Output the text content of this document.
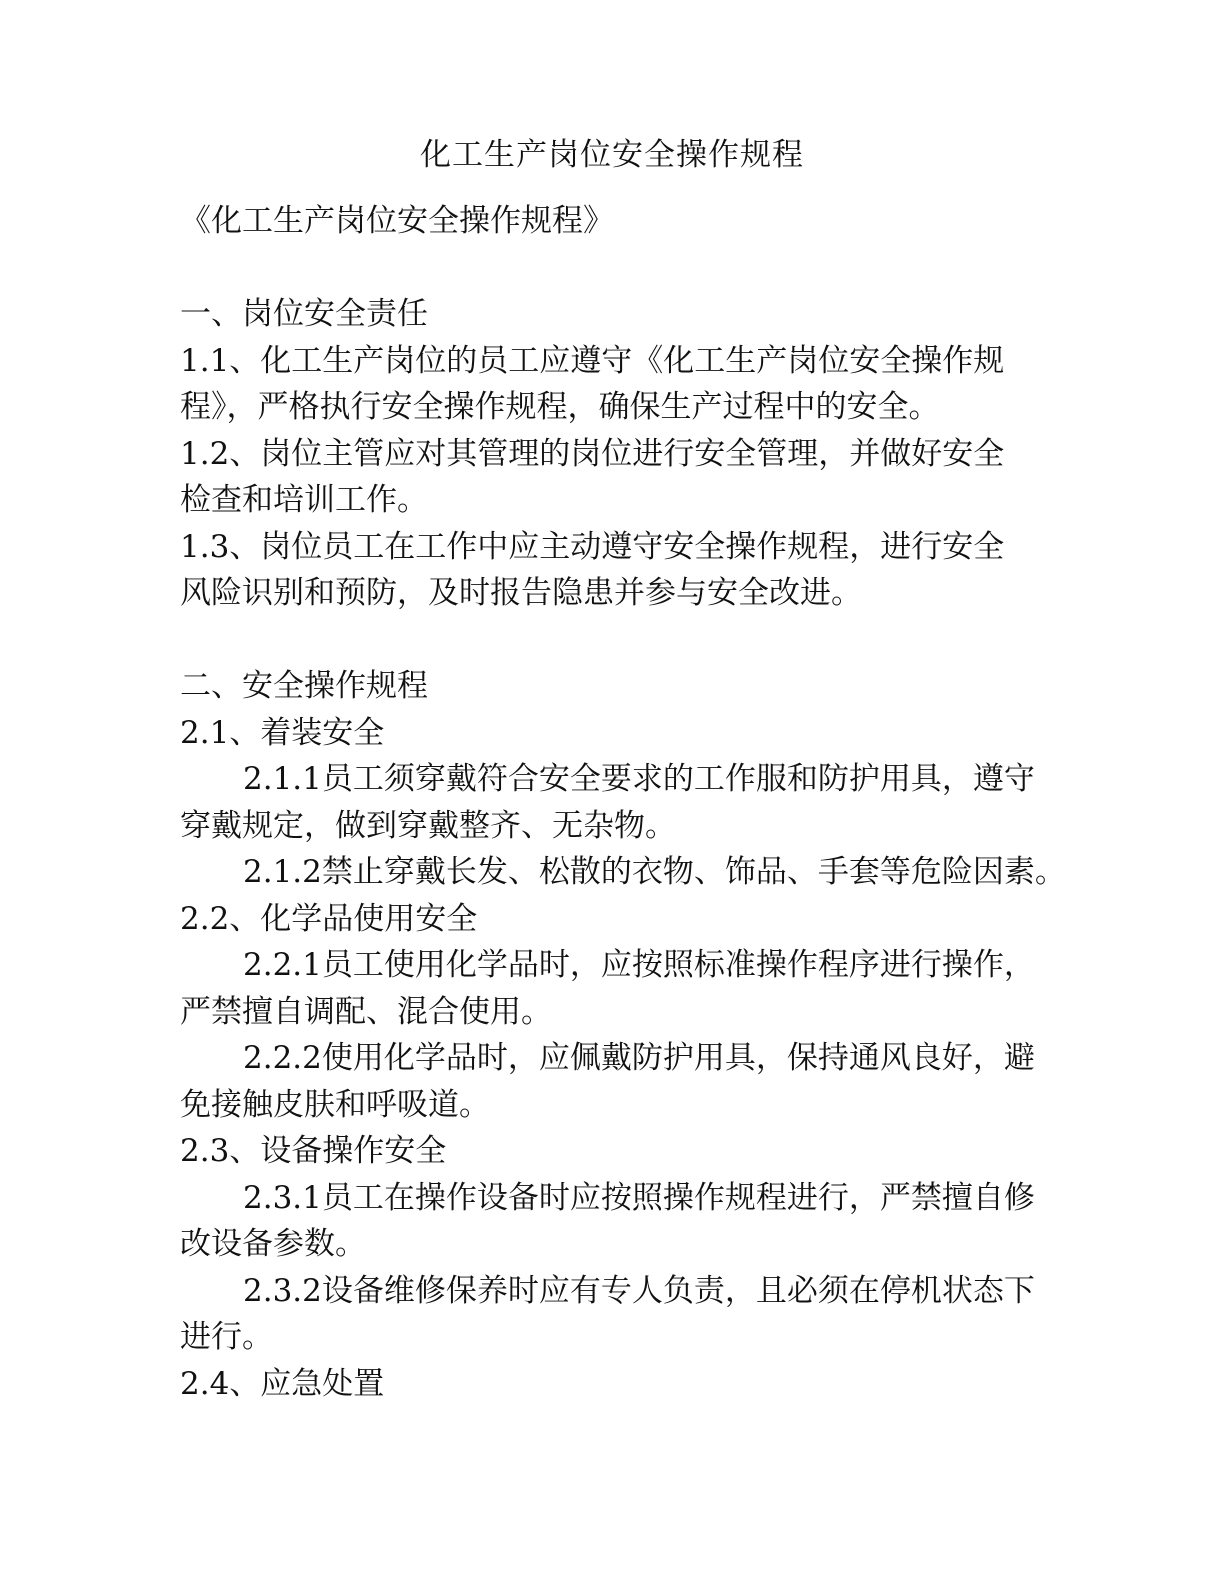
化工生产岗位安全操作规程
《化工生产岗位安全操作规程》
一、岗位安全责任
1.1、化工生产岗位的员工应遵守《化工生产岗位安全操作规
程》，严格执行安全操作规程，确保生产过程中的安全。
1.2、岗位主管应对其管理的岗位进行安全管理，并做好安全
检查和培训工作。
1.3、岗位员工在工作中应主动遵守安全操作规程，进行安全
风险识别和预防，及时报告隐患并参与安全改进。
二、安全操作规程
2.1、着装安全
2.1.1员工须穿戴符合安全要求的工作服和防护用具，遵守
穿戴规定，做到穿戴整齐、无杂物。
2.1.2禁止穿戴长发、松散的衣物、饰品、手套等危险因素。
2.2、化学品使用安全
2.2.1员工使用化学品时，应按照标准操作程序进行操作，
严禁擅自调配、混合使用。
2.2.2使用化学品时，应佩戴防护用具，保持通风良好，避
免接触皮肤和呼吸道。
2.3、设备操作安全
2.3.1员工在操作设备时应按照操作规程进行，严禁擅自修
改设备参数。
2.3.2设备维修保养时应有专人负责，且必须在停机状态下
进行。
2.4、应急处置
